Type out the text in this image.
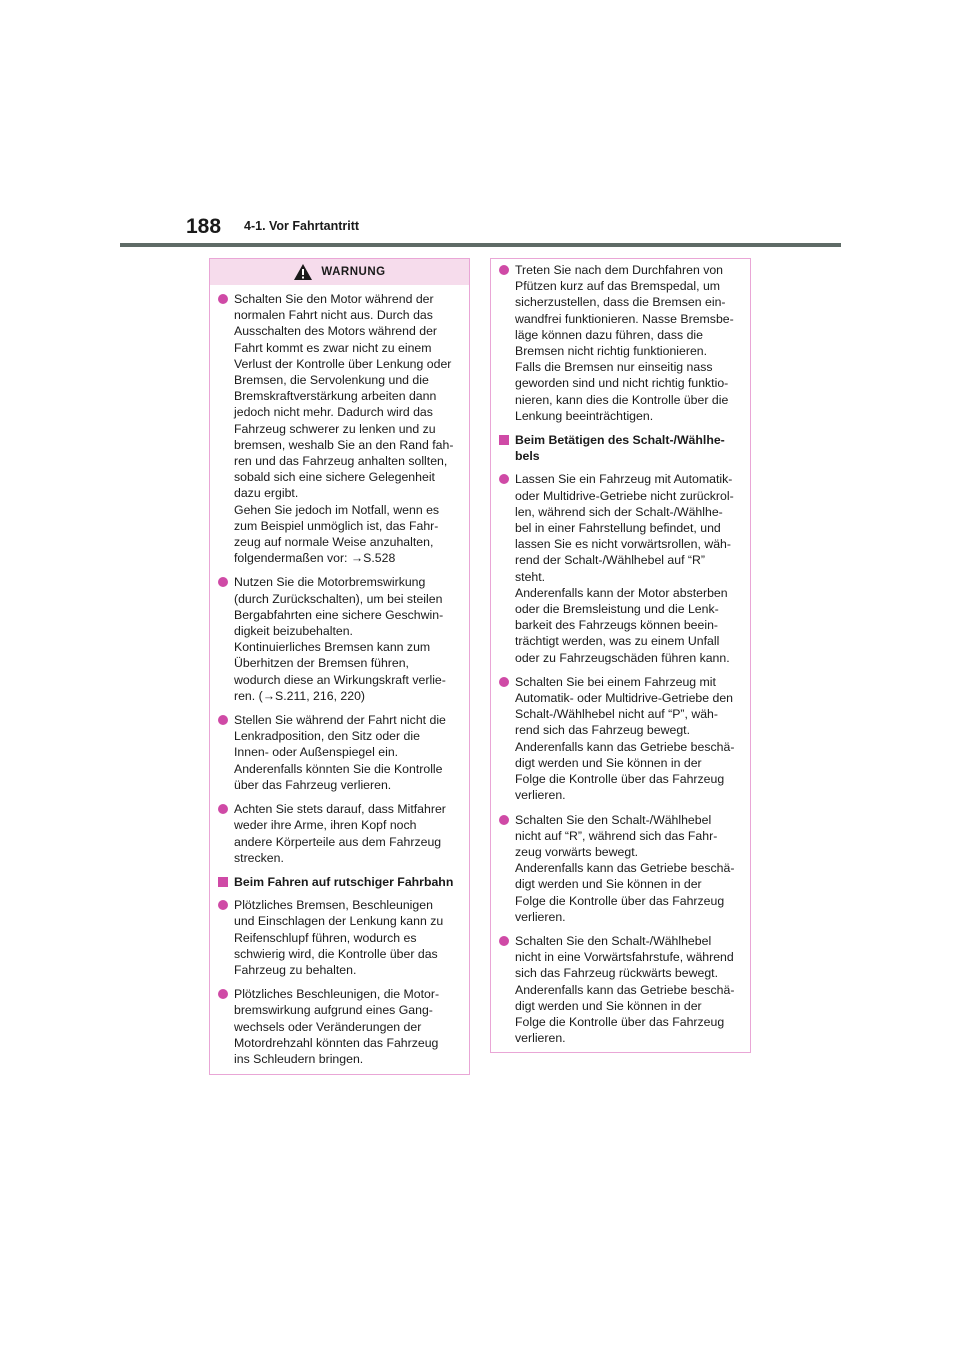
188 4-1. Vor Fahrtantritt
WARNUNG
Schalten Sie den Motor während der
normalen Fahrt nicht aus. Durch das
Ausschalten des Motors während der
Fahrt kommt es zwar nicht zu einem
Verlust der Kontrolle über Lenkung oder
Bremsen, die Servolenkung und die
Bremskraftverstärkung arbeiten dann
jedoch nicht mehr. Dadurch wird das
Fahrzeug schwerer zu lenken und zu
bremsen, weshalb Sie an den Rand fah-
ren und das Fahrzeug anhalten sollten,
sobald sich eine sichere Gelegenheit
dazu ergibt.
Gehen Sie jedoch im Notfall, wenn es
zum Beispiel unmöglich ist, das Fahr-
zeug auf normale Weise anzuhalten,
folgendermaßen vor: →S.528
Nutzen Sie die Motorbremswirkung
(durch Zurückschalten), um bei steilen
Bergabfahrten eine sichere Geschwin-
digkeit beizubehalten.
Kontinuierliches Bremsen kann zum
Überhitzen der Bremsen führen,
wodurch diese an Wirkungskraft verlie-
ren. (→S.211, 216, 220)
Stellen Sie während der Fahrt nicht die
Lenkradposition, den Sitz oder die
Innen- oder Außenspiegel ein.
Anderenfalls könnten Sie die Kontrolle
über das Fahrzeug verlieren.
Achten Sie stets darauf, dass Mitfahrer
weder ihre Arme, ihren Kopf noch
andere Körperteile aus dem Fahrzeug
strecken.
Beim Fahren auf rutschiger Fahrbahn
Plötzliches Bremsen, Beschleunigen
und Einschlagen der Lenkung kann zu
Reifenschlupf führen, wodurch es
schwierig wird, die Kontrolle über das
Fahrzeug zu behalten.
Plötzliches Beschleunigen, die Motor-
bremswirkung aufgrund eines Gang-
wechsels oder Veränderungen der
Motordrehzahl könnten das Fahrzeug
ins Schleudern bringen.
Treten Sie nach dem Durchfahren von
Pfützen kurz auf das Bremspedal, um
sicherzustellen, dass die Bremsen ein-
wandfrei funktionieren. Nasse Bremsbe-
läge können dazu führen, dass die
Bremsen nicht richtig funktionieren.
Falls die Bremsen nur einseitig nass
geworden sind und nicht richtig funktio-
nieren, kann dies die Kontrolle über die
Lenkung beeinträchtigen.
Beim Betätigen des Schalt-/Wählhe-
bels
Lassen Sie ein Fahrzeug mit Automatik-
oder Multidrive-Getriebe nicht zurückrol-
len, während sich der Schalt-/Wählhe-
bel in einer Fahrstellung befindet, und
lassen Sie es nicht vorwärtsrollen, wäh-
rend der Schalt-/Wählhebel auf “R”
steht.
Anderenfalls kann der Motor absterben
oder die Bremsleistung und die Lenk-
barkeit des Fahrzeugs können beein-
trächtigt werden, was zu einem Unfall
oder zu Fahrzeugschäden führen kann.
Schalten Sie bei einem Fahrzeug mit
Automatik- oder Multidrive-Getriebe den
Schalt-/Wählhebel nicht auf “P”, wäh-
rend sich das Fahrzeug bewegt.
Anderenfalls kann das Getriebe beschä-
digt werden und Sie können in der
Folge die Kontrolle über das Fahrzeug
verlieren.
Schalten Sie den Schalt-/Wählhebel
nicht auf “R”, während sich das Fahr-
zeug vorwärts bewegt.
Anderenfalls kann das Getriebe beschä-
digt werden und Sie können in der
Folge die Kontrolle über das Fahrzeug
verlieren.
Schalten Sie den Schalt-/Wählhebel
nicht in eine Vorwärtsfahrstufe, während
sich das Fahrzeug rückwärts bewegt.
Anderenfalls kann das Getriebe beschä-
digt werden und Sie können in der
Folge die Kontrolle über das Fahrzeug
verlieren.
